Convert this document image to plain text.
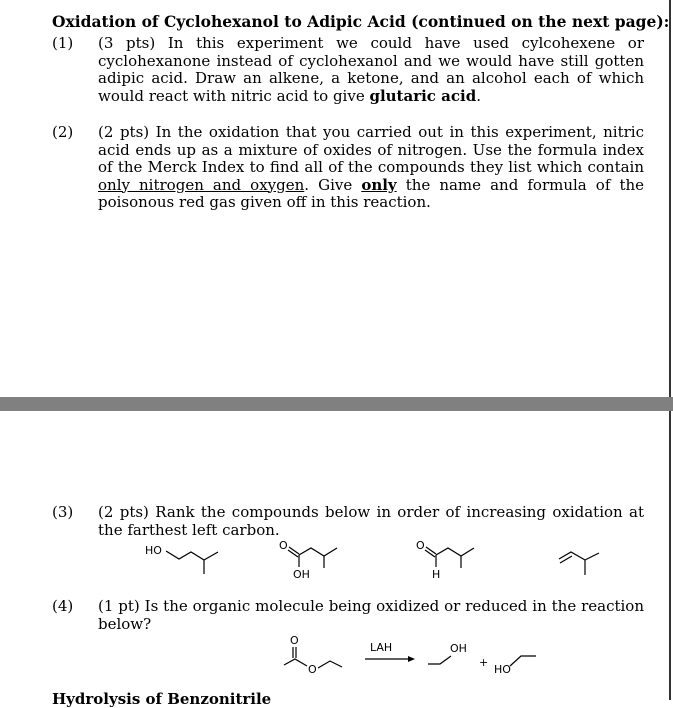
Oxidation of Cyclohexanol to Adipic Acid (continued on the next page):
(1)	(3 pts) In this experiment we could have used cylcohexene or cyclohexanone instead of cyclohexanol and we would have still gotten adipic acid. Draw an alkene, a ketone, and an alcohol each of which would react with nitric acid to give glutaric acid.
(2)	(2 pts) In the oxidation that you carried out in this experiment, nitric acid ends up as a mixture of oxides of nitrogen. Use the formula index of the Merck Index to find all of the compounds they list which contain only nitrogen and oxygen. Give only the name and formula of the poisonous red gas given off in this reaction.
(3)	(2 pts) Rank the compounds below in order of increasing oxidation at the farthest left carbon.
HO	O
OH
O
H
(4)	(1 pt) Is the organic molecule being oxidized or reduced in the reaction below?
O
O
LAH	OH
+
HO
Hydrolysis of Benzonitrile
